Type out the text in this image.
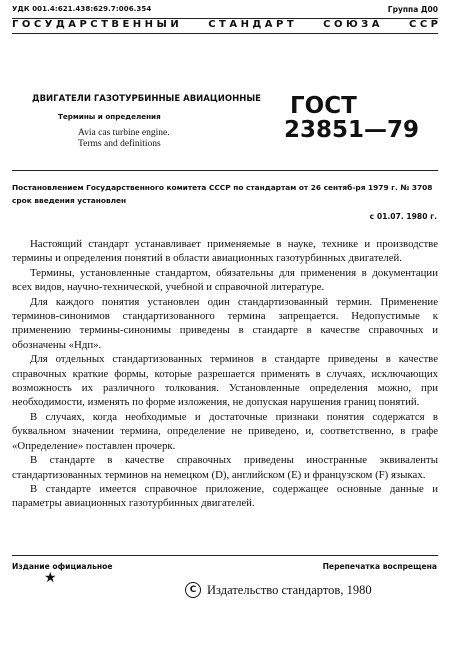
УДК 001.4:621.438:629.7:006.354	Группа Д00
Г О С У Д А Р С Т В Е Н Н Ы Й	С Т А Н Д А Р Т	С О Ю З А	С С Р
ДВИГАТЕЛИ ГАЗОТУРБИННЫЕ АВИАЦИОННЫЕ
Термины и определения
Avia cas turbine engine.
Terms and definitions
ГОСТ
23851—79
Постановлением Государственного комитета СССР по стандартам от 26 сентяб-ря 1979 г. № 3708 срок введения установлен
с 01.07. 1980 г.

Настоящий стандарт устанавливает применяемые в науке, технике и производстве термины и определения понятий в области авиационных газотурбинных двигателей.

Термины, установленные стандартом, обязательны для применения в документации всех видов, научно-технической, учебной и справочной литературе.

Для каждого понятия установлен один стандартизованный термин. Применение терминов-синонимов стандартизованного термина запрещается. Недопустимые к применению термины-синонимы приведены в стандарте в качестве справочных и обозначены «Ндп».

Для отдельных стандартизованных терминов в стандарте приведены в качестве справочных краткие формы, которые разрешается применять в случаях, исключающих возможность их различного толкования. Установленные определения можно, при необходимости, изменять по форме изложения, не допуская нарушения границ понятий.

В случаях, когда необходимые и достаточные признаки понятия содержатся в буквальном значении термина, определение не приведено, и, соответственно, в графе «Определение» поставлен прочерк.

В стандарте в качестве справочных приведены иностранные эквиваленты стандартизованных терминов на немецком (D), английском (E) и французском (F) языках.

В стандарте имеется справочное приложение, содержащее основные данные и параметры авиационных газотурбинных двигателей.

Издание официальное	Перепечатка воспрещена
★
C Издательство стандартов, 1980
